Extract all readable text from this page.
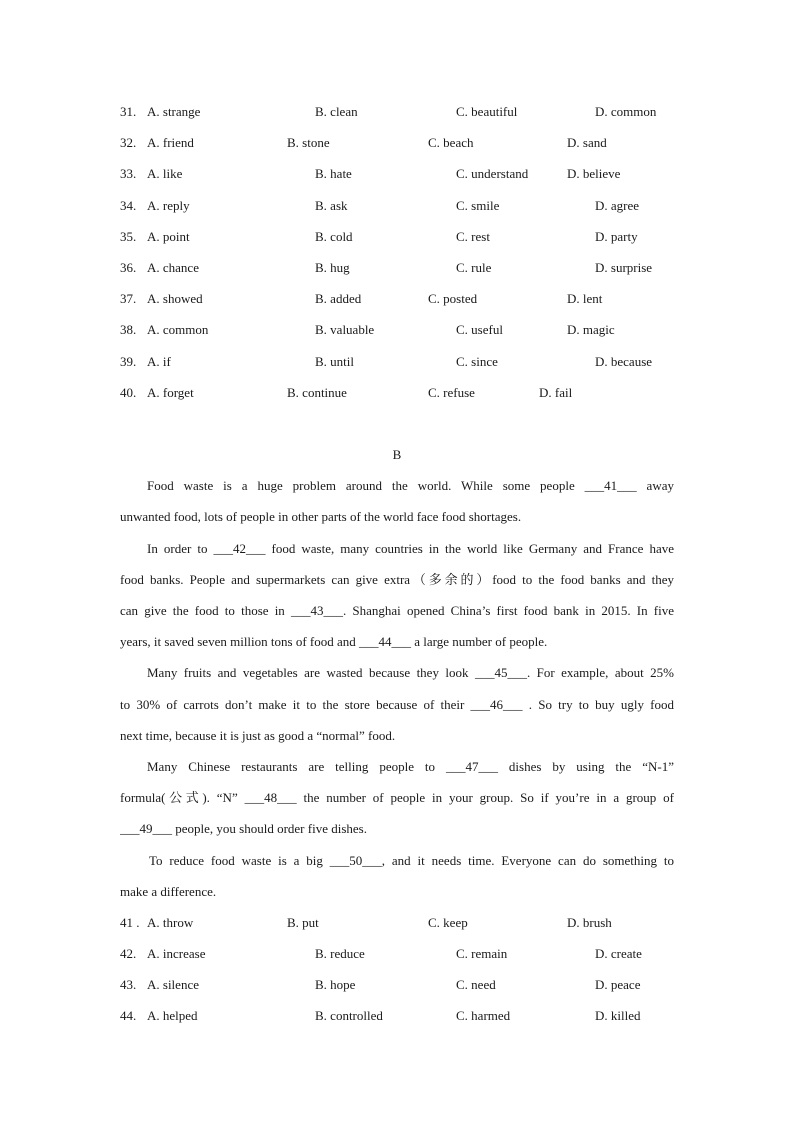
31. A. strange	B. clean	C. beautiful	D. common
32. A. friend	B. stone	C. beach	D. sand
33. A. like	B. hate	C. understand	D. believe
34. A. reply	B. ask	C. smile	D. agree
35. A. point	B. cold	C. rest	D. party
36. A. chance	B. hug	C. rule	D. surprise
37. A. showed	B. added	C. posted	D. lent
38. A. common	B. valuable	C. useful	D. magic
39. A. if	B. until	C. since	D. because
40. A. forget	B. continue	C. refuse	D. fail
B
Food waste is a huge problem around the world. While some people ___41___ away
unwanted food, lots of people in other parts of the world face food shortages.
In order to ___42___ food waste, many countries in the world like Germany and France have
food banks. People and supermarkets can give extra（多余的）food to the food banks and they
can give the food to those in ___43___. Shanghai opened China’s first food bank in 2015. In five
years, it saved seven million tons of food and ___44___ a large number of people.
Many fruits and vegetables are wasted because they look ___45___. For example, about 25%
to 30% of carrots don’t make it to the store because of their ___46___ . So try to buy ugly food
next time, because it is just as good a “normal” food.
Many Chinese restaurants are telling people to ___47___ dishes by using the “N-1”
formula(公式). “N” ___48___ the number of people in your group. So if you’re in a group of
___49___ people, you should order five dishes.
To reduce food waste is a big ___50___, and it needs time. Everyone can do something to
make a difference.
41 . A. throw	B. put	C. keep	D. brush
42. A. increase	B. reduce	C. remain	D. create
43. A. silence	B. hope	C. need	D. peace
44. A. helped	B. controlled	C. harmed	D. killed
